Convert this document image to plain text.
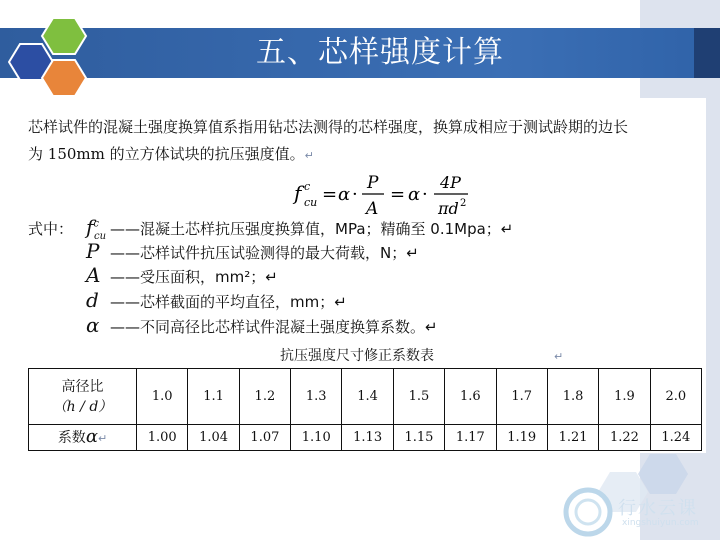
五、芯样强度计算
芯样试件的混凝土强度换算值系指用钻芯法测得的芯样强度，换算成相应于测试龄期的边长
为 150mm 的立方体试块的抗压强度值。↵
f c
cu = α ·
P
A
= α ·
4P
πd 2
式中： $f^c_{cu}$ ——混凝土芯样抗压强度换算值，MPa；精确至 0.1Mpa；↵
P ——芯样试件抗压试验测得的最大荷载，N；↵
A ——受压面积，mm²；↵
d ——芯样截面的平均直径，mm；↵
α ——不同高径比芯样试件混凝土强度换算系数。↵
抗压强度尺寸修正系数表	↵
高径比
（h / d）	1.0	1.1	1.2	1.3	1.4	1.5	1.6	1.7	1.8	1.9	2.0
系数α↵	1.00	1.04	1.07	1.10	1.13	1.15	1.17	1.19	1.21	1.22	1.24
行水云课
xingshuiyun.com
